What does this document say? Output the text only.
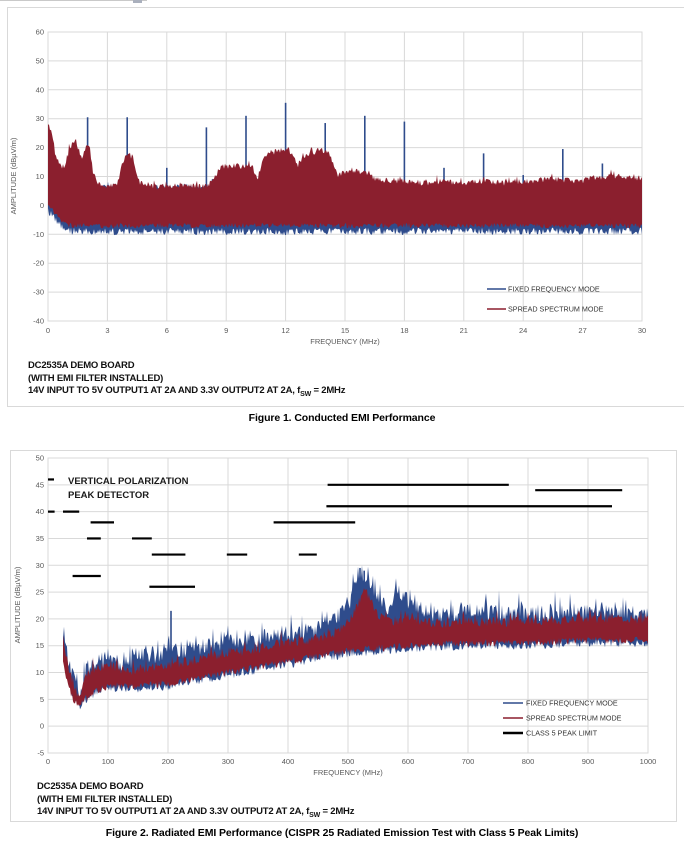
60
50
40
30
20
10
0
-10
-20
-30
-40
0	3	6	9	12	15	18	21	24	27	30
FREQUENCY (MHz)
AMPLITUDE (dBµV/m)
FIXED FREQUENCY MODE
SPREAD SPECTRUM MODE
50
45
40
35
30
25
20
15
10
5
0
-5
0	100	200	300	400	500	600	700	800	900	1000
FREQUENCY (MHz)
AMPLITUDE (dBµV/m)
VERTICAL POLARIZATION
PEAK DETECTOR
FIXED FREQUENCY MODE
SPREAD SPECTRUM MODE
CLASS 5 PEAK LIMIT
DC2535A DEMO BOARD
(WITH EMI FILTER INSTALLED)
14V INPUT TO 5V OUTPUT1 AT 2A AND 3.3V OUTPUT2 AT 2A, $f_{SW} = 2MHz$
DC2535A DEMO BOARD
(WITH EMI FILTER INSTALLED)
14V INPUT TO 5V OUTPUT1 AT 2A AND 3.3V OUTPUT2 AT 2A, $f_{SW} = 2MHz$
Figure 1. Conducted EMI Performance
Figure 2. Radiated EMI Performance (CISPR 25 Radiated Emission Test with Class 5 Peak Limits)
